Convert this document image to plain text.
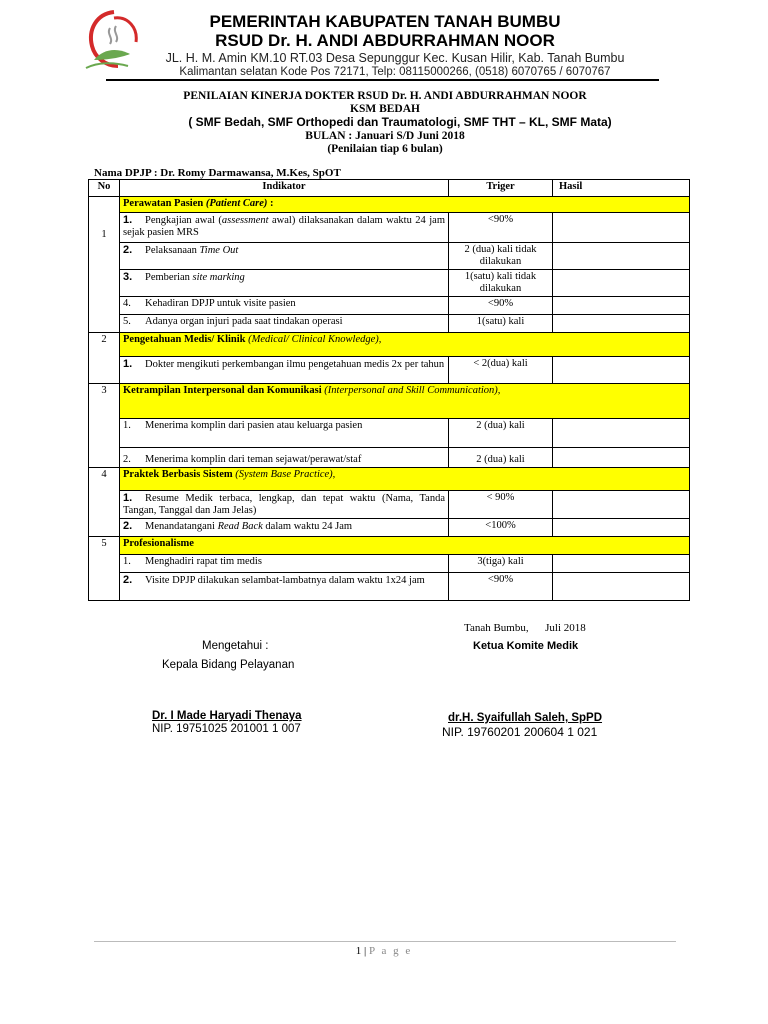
PEMERINTAH KABUPATEN TANAH BUMBU
RSUD Dr. H. ANDI ABDURRAHMAN NOOR
JL. H. M. Amin KM.10 RT.03 Desa Sepunggur Kec. Kusan Hilir, Kab. Tanah Bumbu
Kalimantan selatan Kode Pos 72171, Telp: 08115000266, (0518) 6070765 / 6070767
PENILAIAN KINERJA DOKTER RSUD Dr. H. ANDI ABDURRAHMAN NOOR
KSM BEDAH
( SMF Bedah, SMF Orthopedi dan Traumatologi, SMF THT – KL, SMF Mata)
BULAN : Januari S/D Juni 2018
(Penilaian tiap 6 bulan)
Nama DPJP : Dr. Romy Darmawansa, M.Kes, SpOT
No	Indikator	Triger	Hasil
1	Perawatan Pasien (Patient Care) :		
	1. Pengkajian awal (assessment awal) dilaksanakan dalam waktu 24 jam sejak pasien MRS	<90%	
	2. Pelaksanaan Time Out	2 (dua) kali tidak dilakukan	
	3. Pemberian site marking	1(satu) kali tidak dilakukan	
	4. Kehadiran DPJP untuk visite pasien	<90%	
	5. Adanya organ injuri pada saat tindakan operasi	1(satu) kali	
2	Pengetahuan Medis/ Klinik (Medical/ Clinical Knowledge),		
	1. Dokter mengikuti perkembangan ilmu pengetahuan medis 2x per tahun	< 2(dua) kali	
3	Ketrampilan Interpersonal dan Komunikasi (Interpersonal and Skill Communication),		
	1. Menerima komplin dari pasien atau keluarga pasien	2 (dua) kali	
	2. Menerima komplin dari teman sejawat/perawat/staf	2 (dua) kali	
4	Praktek Berbasis Sistem (System Base Practice),		
	1. Resume Medik terbaca, lengkap, dan tepat waktu (Nama, Tanda Tangan, Tanggal dan Jam Jelas)	< 90%	
	2. Menandatangani Read Back dalam waktu 24 Jam	<100%	
5	Profesionalisme		
	1. Menghadiri rapat tim medis	3(tiga) kali	
	2. Visite DPJP dilakukan selambat-lambatnya dalam waktu 1x24 jam	<90%	
Tanah Bumbu,      Juli 2018
Ketua Komite Medik
Mengetahui :
Kepala Bidang Pelayanan
Dr. I Made Haryadi Thenaya
NIP. 19751025 201001 1 007
dr.H. Syaifullah Saleh, SpPD
NIP. 19760201 200604 1 021
1 | P a g e
